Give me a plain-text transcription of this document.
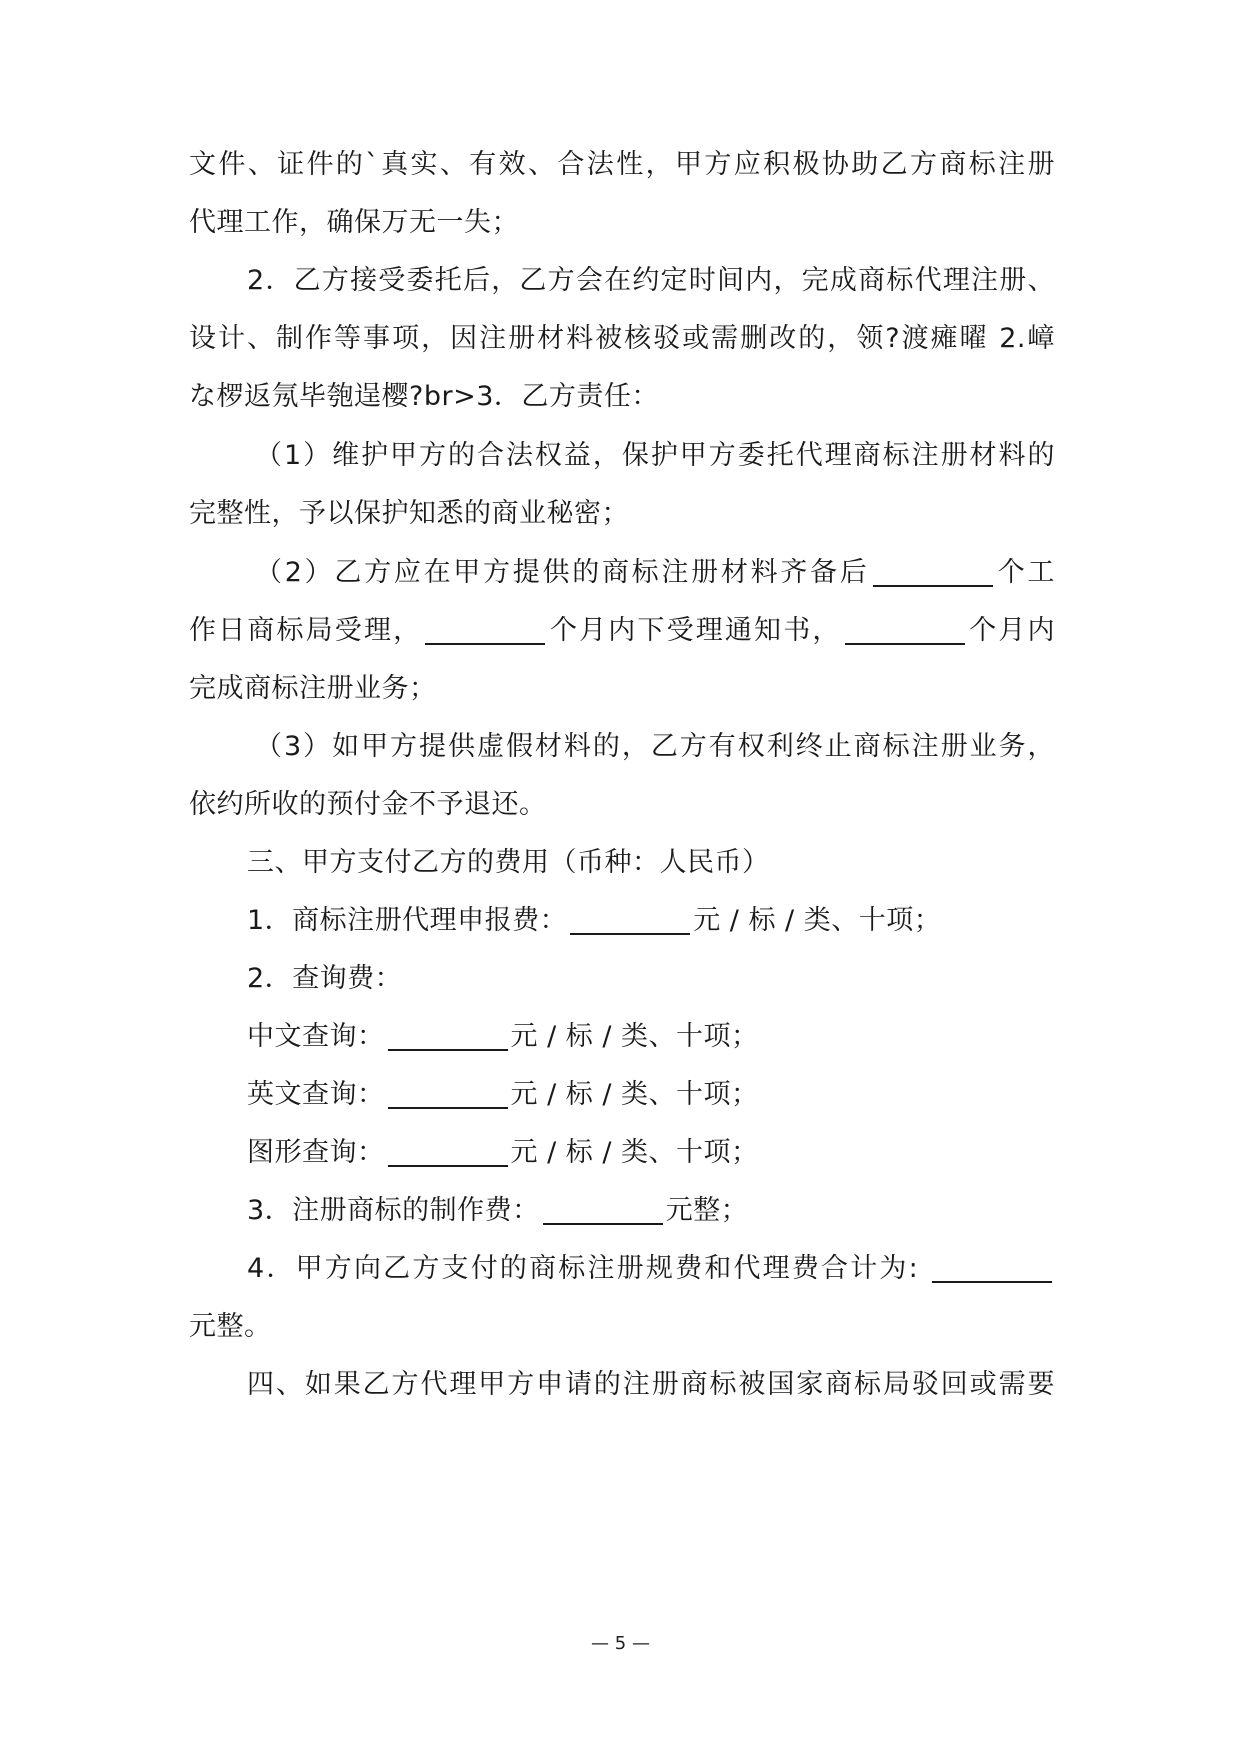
文件、证件的`真实、有效、合法性，甲方应积极协助乙方商标注册
代理工作，确保万无一失；
2．乙方接受委托后，乙方会在约定时间内，完成商标代理注册、
设计、制作等事项，因注册材料被核驳或需删改的，领?渡瘫曜 2.嶂
な椤返氖毕匏逞樱?br>3．乙方责任：
（1）维护甲方的合法权益，保护甲方委托代理商标注册材料的
完整性，予以保护知悉的商业秘密；
（2）乙方应在甲方提供的商标注册材料齐备后	个工
作日商标局受理，	个月内下受理通知书，	个月内
完成商标注册业务；
（3）如甲方提供虚假材料的，乙方有权利终止商标注册业务，
依约所收的预付金不予退还。
三、甲方支付乙方的费用（币种：人民币）
1．商标注册代理申报费：	元 / 标 / 类、十项；
2．查询费：
中文查询：	元 / 标 / 类、十项；
英文查询：	元 / 标 / 类、十项；
图形查询：	元 / 标 / 类、十项；
3．注册商标的制作费：	元整；
4．甲方向乙方支付的商标注册规费和代理费合计为:
元整。
四、如果乙方代理甲方申请的注册商标被国家商标局驳回或需要
— 5 —
